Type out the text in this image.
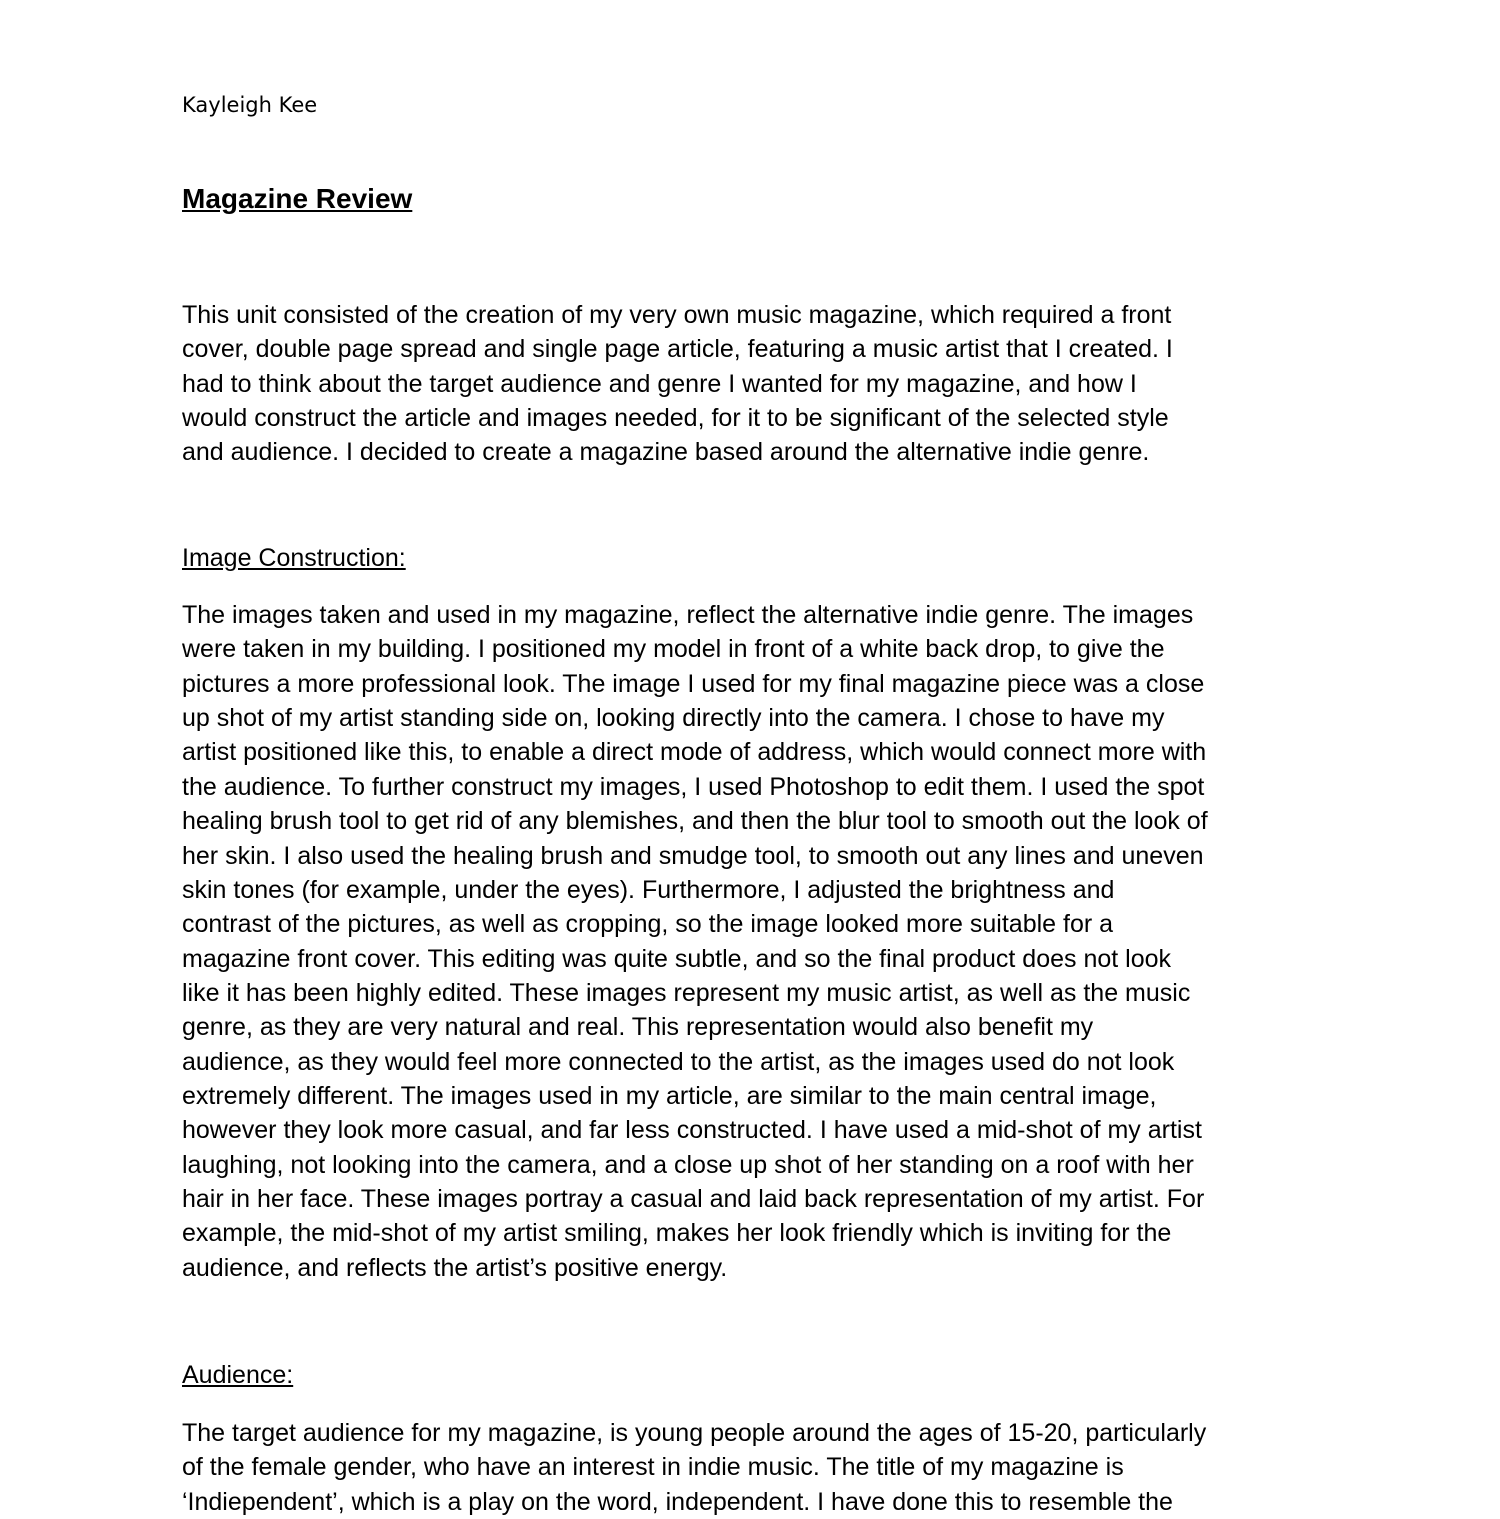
Kayleigh Kee
Magazine Review
This unit consisted of the creation of my very own music magazine, which required a front
cover, double page spread and single page article, featuring a music artist that I created. I
had to think about the target audience and genre I wanted for my magazine, and how I
would construct the article and images needed, for it to be significant of the selected style
and audience. I decided to create a magazine based around the alternative indie genre.
Image Construction:
The images taken and used in my magazine, reflect the alternative indie genre. The images
were taken in my building. I positioned my model in front of a white back drop, to give the
pictures a more professional look. The image I used for my final magazine piece was a close
up shot of my artist standing side on, looking directly into the camera. I chose to have my
artist positioned like this, to enable a direct mode of address, which would connect more with
the audience. To further construct my images, I used Photoshop to edit them. I used the spot
healing brush tool to get rid of any blemishes, and then the blur tool to smooth out the look of
her skin. I also used the healing brush and smudge tool, to smooth out any lines and uneven
skin tones (for example, under the eyes). Furthermore, I adjusted the brightness and
contrast of the pictures, as well as cropping, so the image looked more suitable for a
magazine front cover. This editing was quite subtle, and so the final product does not look
like it has been highly edited. These images represent my music artist, as well as the music
genre, as they are very natural and real. This representation would also benefit my
audience, as they would feel more connected to the artist, as the images used do not look
extremely different. The images used in my article, are similar to the main central image,
however they look more casual, and far less constructed. I have used a mid-shot of my artist
laughing, not looking into the camera, and a close up shot of her standing on a roof with her
hair in her face. These images portray a casual and laid back representation of my artist. For
example, the mid-shot of my artist smiling, makes her look friendly which is inviting for the
audience, and reflects the artist’s positive energy.
Audience:
The target audience for my magazine, is young people around the ages of 15-20, particularly
of the female gender, who have an interest in indie music. The title of my magazine is
‘Indiependent’, which is a play on the word, independent. I have done this to resemble the
